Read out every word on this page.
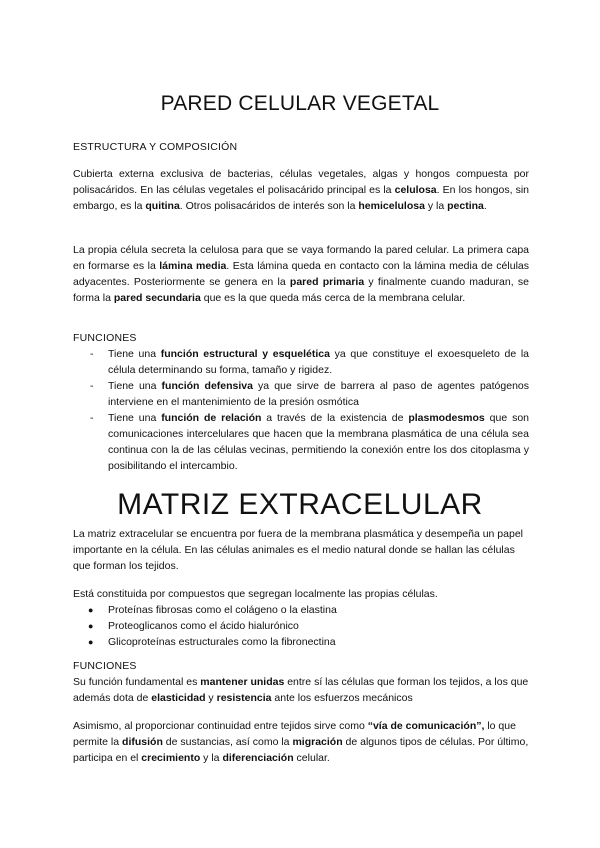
PARED CELULAR VEGETAL
ESTRUCTURA Y COMPOSICIÓN
Cubierta externa exclusiva de bacterias, células vegetales, algas y hongos compuesta por polisacáridos. En las células vegetales el polisacárido principal es la celulosa. En los hongos, sin embargo, es la quitina. Otros polisacáridos de interés son la hemicelulosa y la pectina.
La propia célula secreta la celulosa para que se vaya formando la pared celular. La primera capa en formarse es la lámina media. Esta lámina queda en contacto con la lámina media de células adyacentes. Posteriormente se genera en la pared primaria y finalmente cuando maduran, se forma la pared secundaria que es la que queda más cerca de la membrana celular.
FUNCIONES
- Tiene una función estructural y esquelética ya que constituye el exoesqueleto de la célula determinando su forma, tamaño y rigidez.
- Tiene una función defensiva ya que sirve de barrera al paso de agentes patógenos interviene en el mantenimiento de la presión osmótica
- Tiene una función de relación a través de la existencia de plasmodesmos que son comunicaciones intercelulares que hacen que la membrana plasmática de una célula sea continua con la de las células vecinas, permitiendo la conexión entre los dos citoplasma y posibilitando el intercambio.
MATRIZ EXTRACELULAR
La matriz extracelular se encuentra por fuera de la membrana plasmática y desempeña un papel importante en la célula. En las células animales es el medio natural donde se hallan las células que forman los tejidos.
Está constituida por compuestos que segregan localmente las propias células.
● Proteínas fibrosas como el colágeno o la elastina
● Proteoglicanos como el ácido hialurónico
● Glicoproteínas estructurales como la fibronectina
FUNCIONES
Su función fundamental es mantener unidas entre sí las células que forman los tejidos, a los que además dota de elasticidad y resistencia ante los esfuerzos mecánicos
Asimismo, al proporcionar continuidad entre tejidos sirve como “vía de comunicación”, lo que permite la difusión de sustancias, así como la migración de algunos tipos de células. Por último, participa en el crecimiento y la diferenciación celular.
